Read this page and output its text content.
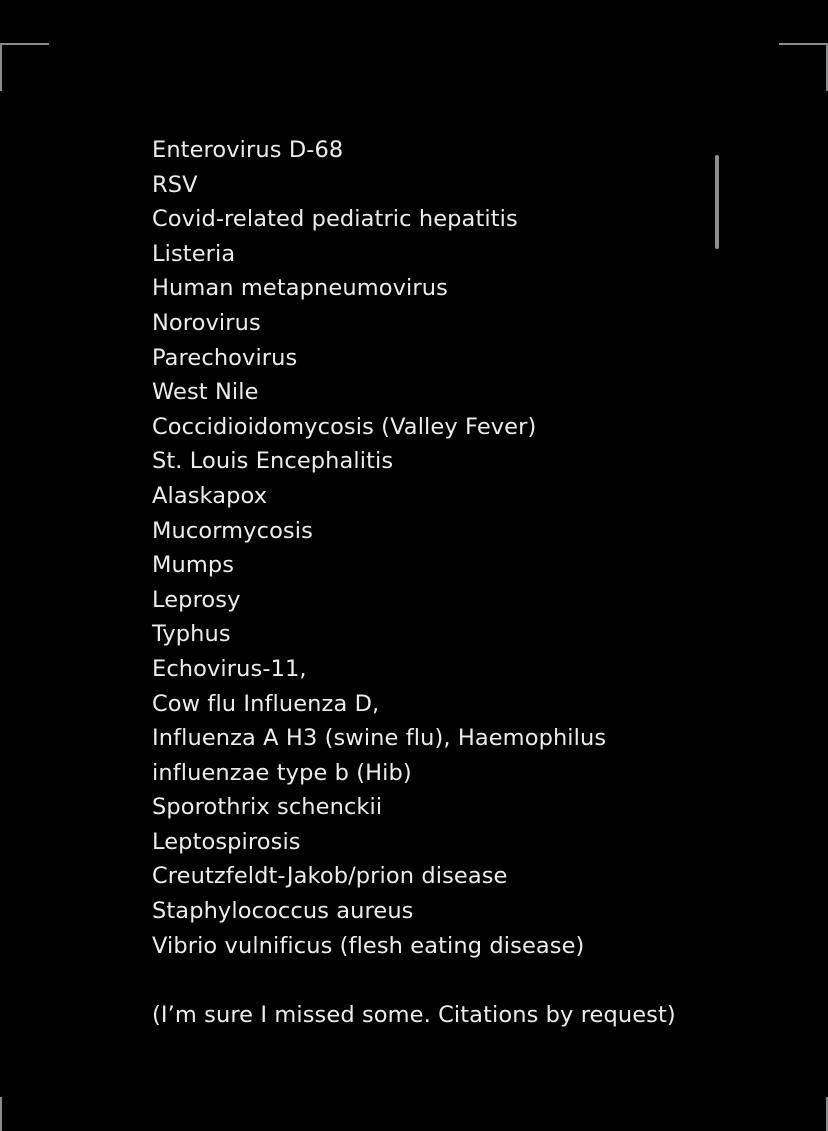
Enterovirus D-68
RSV
Covid-related pediatric hepatitis
Listeria
Human metapneumovirus
Norovirus
Parechovirus
West Nile
Coccidioidomycosis (Valley Fever)
St. Louis Encephalitis
Alaskapox
Mucormycosis
Mumps
Leprosy
Typhus
Echovirus-11,
Cow flu Influenza D,
Influenza A H3 (swine flu), Haemophilus
influenzae type b (Hib)
Sporothrix schenckii
Leptospirosis
Creutzfeldt-Jakob/prion disease
Staphylococcus aureus
Vibrio vulnificus (flesh eating disease)
(I’m sure I missed some. Citations by request)
